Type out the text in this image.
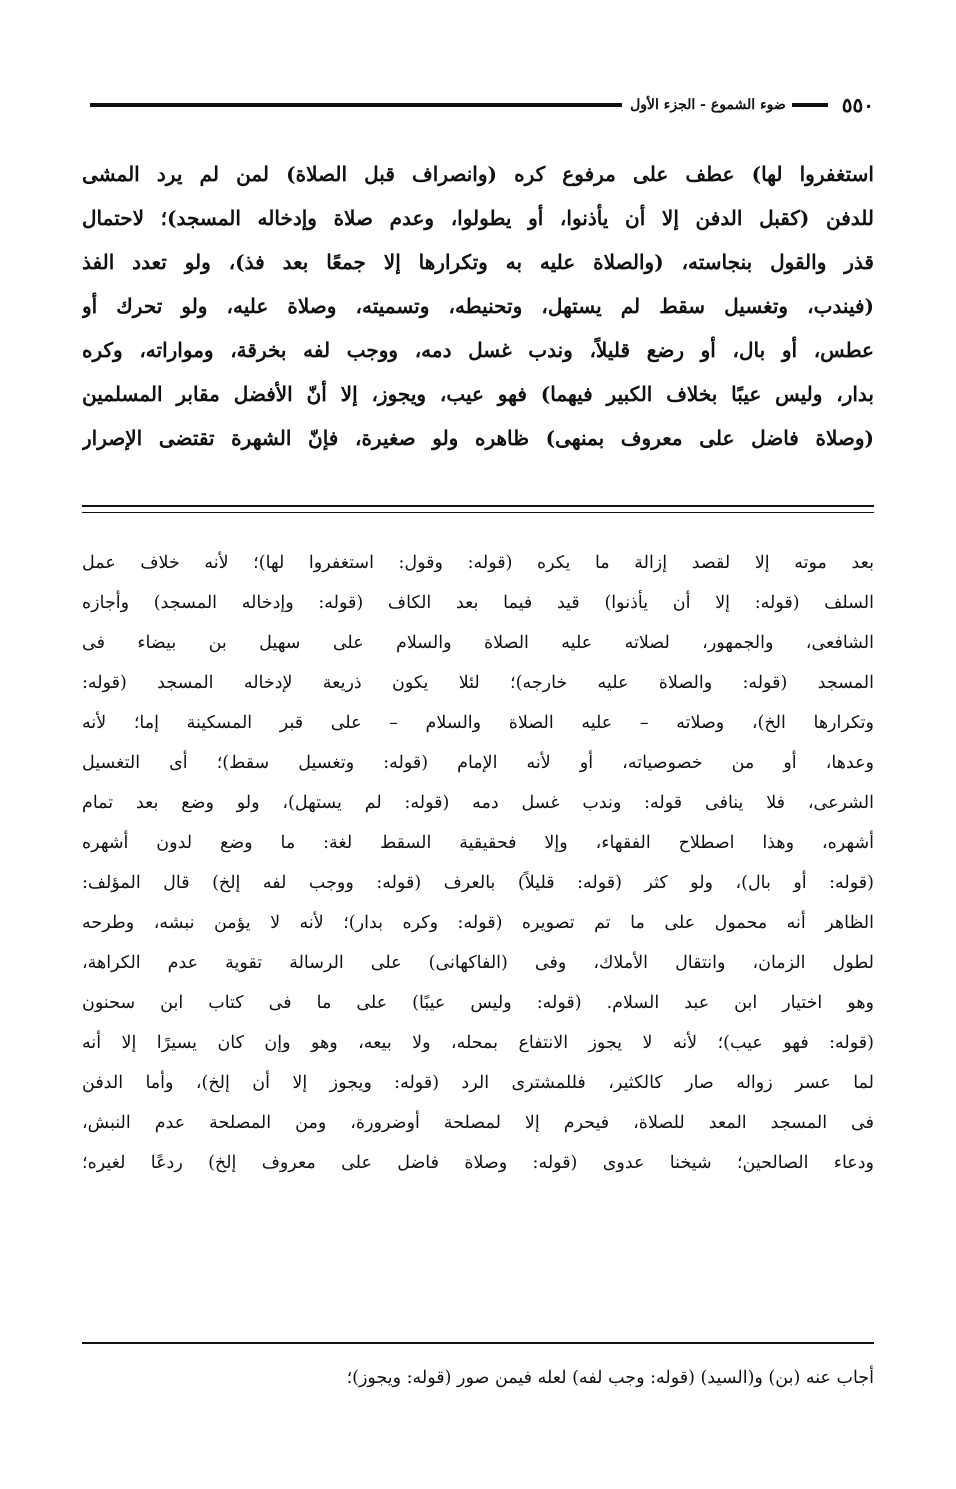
٥٥٠
ضوء الشموع - الجزء الأول

استغفروا لها) عطف على مرفوع كره (وانصراف قبل الصلاة) لمن لم يرد المشى

للدفن (كقبل الدفن إلا أن يأذنوا، أو يطولوا، وعدم صلاة وإدخاله المسجد)؛ لاحتمال

قذر والقول بنجاسته، (والصلاة عليه به وتكرارها إلا جمعًا بعد فذ)، ولو تعدد الفذ

(فيندب، وتغسيل سقط لم يستهل، وتحنيطه، وتسميته، وصلاة عليه، ولو تحرك أو

عطس، أو بال، أو رضع قليلاً، وندب غسل دمه، ووجب لفه بخرقة، ومواراته، وكره

بدار، وليس عيبًا بخلاف الكبير فيهما) فهو عيب، ويجوز، إلا أنّ الأفضل مقابر المسلمين

(وصلاة فاضل على معروف بمنهى) ظاهره ولو صغيرة، فإنّ الشهرة تقتضى الإصرار

بعد موته إلا لقصد إزالة ما يكره (قوله: وقول: استغفروا لها)؛ لأنه خلاف عمل

السلف (قوله: إلا أن يأذنوا) قيد فيما بعد الكاف (قوله: وإدخاله المسجد) وأجازه

الشافعى، والجمهور، لصلاته عليه الصلاة والسلام على سهيل بن بيضاء فى

المسجد (قوله: والصلاة عليه خارجه)؛ لئلا يكون ذريعة لإدخاله المسجد (قوله:

وتكرارها الخ)، وصلاته – عليه الصلاة والسلام – على قبر المسكينة إما؛ لأنه

وعدها، أو من خصوصياته، أو لأنه الإمام (قوله: وتغسيل سقط)؛ أى التغسيل

الشرعى، فلا ينافى قوله: وندب غسل دمه (قوله: لم يستهل)، ولو وضع بعد تمام

أشهره، وهذا اصطلاح الفقهاء، وإلا فحقيقية السقط لغة: ما وضع لدون أشهره

(قوله: أو بال)، ولو كثر (قوله: قليلاً) بالعرف (قوله: ووجب لفه إلخ) قال المؤلف:

الظاهر أنه محمول على ما تم تصويره (قوله: وكره بدار)؛ لأنه لا يؤمن نبشه، وطرحه

لطول الزمان، وانتقال الأملاك، وفى (الفاكهانى) على الرسالة تقوية عدم الكراهة،

وهو اختيار ابن عبد السلام. (قوله: وليس عيبًا) على ما فى كتاب ابن سحنون

(قوله: فهو عيب)؛ لأنه لا يجوز الانتفاع بمحله، ولا بيعه، وهو وإن كان يسيرًا إلا أنه

لما عسر زواله صار كالكثير، فللمشترى الرد (قوله: ويجوز إلا أن إلخ)، وأما الدفن

فى المسجد المعد للصلاة، فيحرم إلا لمصلحة أوضرورة، ومن المصلحة عدم النبش،

ودعاء الصالحين؛ شيخنا عدوى (قوله: وصلاة فاضل على معروف إلخ) ردعًا لغيره؛

أجاب عنه (بن) و(السيد) (قوله: وجب لفه) لعله فيمن صور (قوله: ويجوز)؛
